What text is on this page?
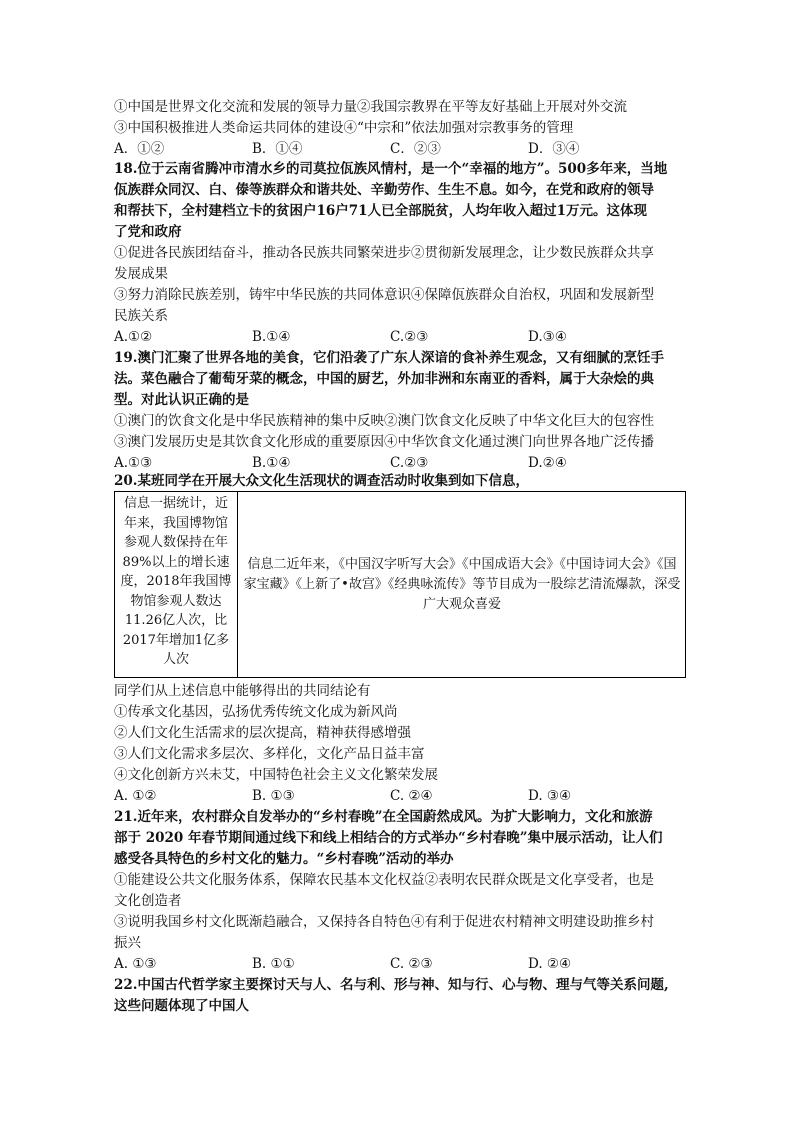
①中国是世界文化交流和发展的领导力量②我国宗教界在平等友好基础上开展对外交流
③中国积极推进人类命运共同体的建设④“中宗和”依法加强对宗教事务的管理
A．①②	B．①④	C．②③	D．③④
18.位于云南省腾冲市清水乡的司莫拉佤族风情村，是一个“幸福的地方”。500多年来，当地
佤族群众同汉、白、傣等族群众和谐共处、辛勤劳作、生生不息。如今，在党和政府的领导
和帮扶下，全村建档立卡的贫困户16户71人已全部脱贫，人均年收入超过1万元。这体现
了党和政府
①促进各民族团结奋斗，推动各民族共同繁荣进步②贯彻新发展理念，让少数民族群众共享
发展成果
③努力消除民族差别，铸牢中华民族的共同体意识④保障佤族群众自治权，巩固和发展新型
民族关系
A.①②	B.①④	C.②③	D.③④
19.澳门汇聚了世界各地的美食，它们沿袭了广东人深谙的食补养生观念，又有细腻的烹饪手
法。菜色融合了葡萄牙菜的概念，中国的厨艺，外加非洲和东南亚的香料，属于大杂烩的典
型。对此认识正确的是
①澳门的饮食文化是中华民族精神的集中反映②澳门饮食文化反映了中华文化巨大的包容性
③澳门发展历史是其饮食文化形成的重要原因④中华饮食文化通过澳门向世界各地广泛传播
A.①③	B.①④	C.②③	D.②④
20.某班同学在开展大众文化生活现状的调查活动时收集到如下信息，
信息一据统计，近年来，我国博物馆参观人数保持在年89%以上的增长速度，2018年我国博物馆参观人数达11.26亿人次，比2017年增加1亿多人次
信息二近年来，《中国汉字听写大会》《中国成语大会》《中国诗词大会》《国家宝藏》《上新了•故宫》《经典咏流传》等节目成为一股综艺清流爆款，深受广大观众喜爱
同学们从上述信息中能够得出的共同结论有
①传承文化基因，弘扬优秀传统文化成为新风尚
②人们文化生活需求的层次提高，精神获得感增强
③人们文化需求多层次、多样化，文化产品日益丰富
④文化创新方兴未艾，中国特色社会主义文化繁荣发展
A. ①②	B. ①③	C. ②④	D. ③④
21.近年来，农村群众自发举办的“乡村春晚”在全国蔚然成风。为扩大影响力，文化和旅游
部于 2020 年春节期间通过线下和线上相结合的方式举办“乡村春晚”集中展示活动，让人们
感受各具特色的乡村文化的魅力。“乡村春晚”活动的举办
①能建设公共文化服务体系，保障农民基本文化权益②表明农民群众既是文化享受者，也是
文化创造者
③说明我国乡村文化既渐趋融合，又保持各自特色④有利于促进农村精神文明建设助推乡村
振兴
A. ①③	B. ①①	C. ②③	D. ②④
22.中国古代哲学家主要探讨天与人、名与利、形与神、知与行、心与物、理与气等关系问题,
这些问题体现了中国人
